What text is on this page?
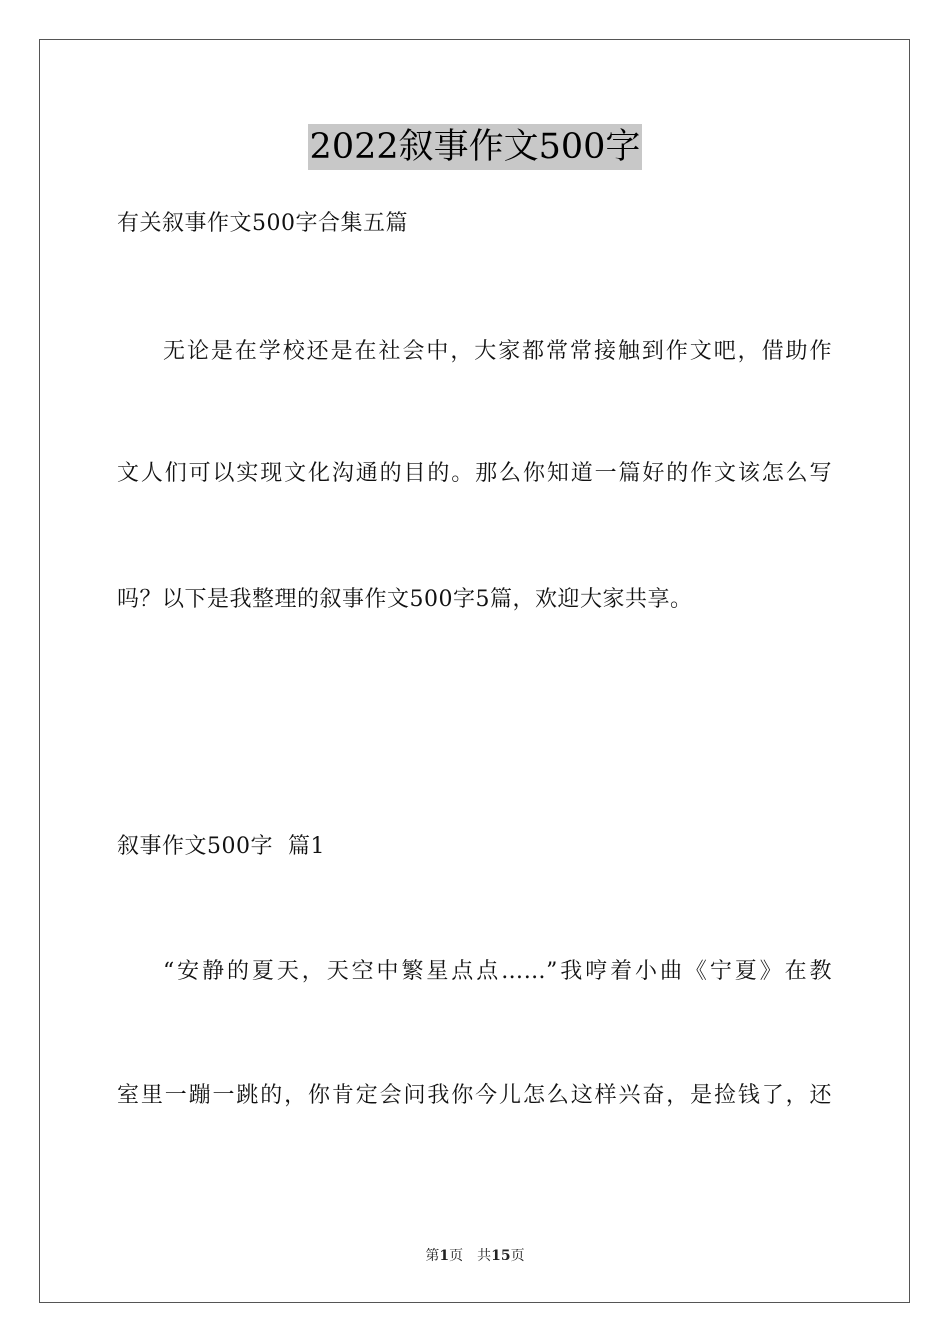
2022叙事作文500字
有关叙事作文500字合集五篇
无论是在学校还是在社会中，大家都常常接触到作文吧，借助作
文人们可以实现文化沟通的目的。那么你知道一篇好的作文该怎么写
吗？以下是我整理的叙事作文500字5篇，欢迎大家共享。
叙事作文500字  篇1
“安静的夏天，天空中繁星点点……”我哼着小曲《宁夏》在教
室里一蹦一跳的，你肯定会问我你今儿怎么这样兴奋，是捡钱了，还
第1页 共15页
